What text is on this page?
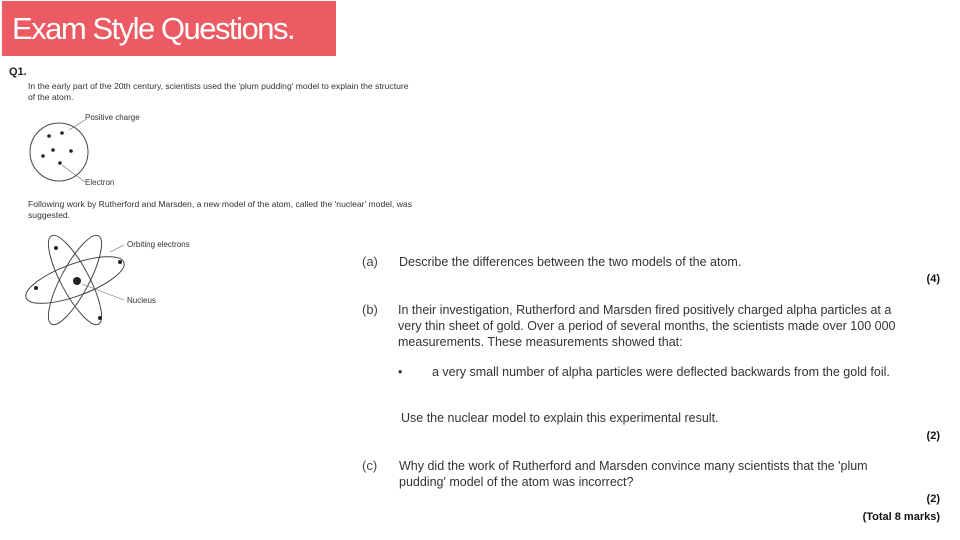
Exam Style Questions.
Q1.
In the early part of the 20th century, scientists used the 'plum pudding' model to explain the structure of the atom.
Positive charge
Electron
Following work by Rutherford and Marsden, a new model of the atom, called the 'nuclear' model, was suggested.
Orbiting electrons
Nucleus
(a) Describe the differences between the two models of the atom.
(4)
(b) In their investigation, Rutherford and Marsden fired positively charged alpha particles at a very thin sheet of gold. Over a period of several months, the scientists made over 100 000 measurements. These measurements showed that:
• a very small number of alpha particles were deflected backwards from the gold foil.
Use the nuclear model to explain this experimental result.
(2)
(c) Why did the work of Rutherford and Marsden convince many scientists that the 'plum pudding' model of the atom was incorrect?
(2)
(Total 8 marks)
